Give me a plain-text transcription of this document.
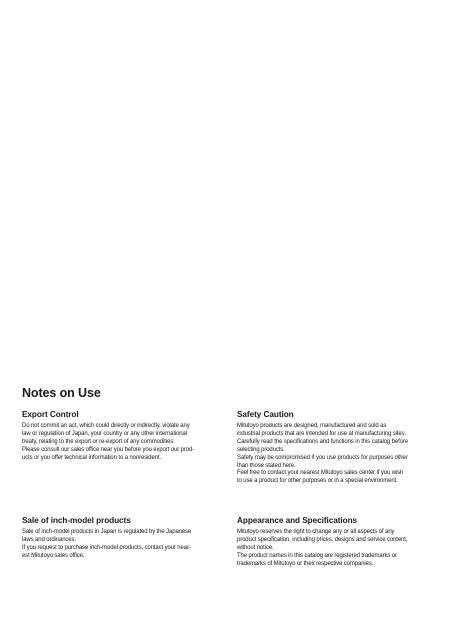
Notes on Use
Export Control
Do not commit an act, which could directly or indirectly, violate any
law or regulation of Japan, your country or any other international
treaty, relating to the export or re-export of any commodities.
Please consult our sales office near you before you export our prod-
ucts or you offer technical information to a nonresident.
Safety Caution
Mitutoyo products are designed, manufactured and sold as
industrial products that are intended for use at manufacturing sites.
Carefully read the specifications and functions in this catalog before
selecting products.
Safety may be compromised if you use products for purposes other
than those stated here.
Feel free to contact your nearest Mitutoyo sales center if you wish
to use a product for other purposes or in a special environment.
Sale of inch-model products
Sale of inch-model products in Japan is regulated by the Japanese
laws and ordinances.
If you request to purchase inch-model products, contact your near-
est Mitutoyo sales office.
Appearance and Specifications
Mitutoyo reserves the right to change any or all aspects of any
product specification, including prices, designs and service content,
without notice.
The product names in this catalog are registered trademarks or
trademarks of Mitutoyo or their respective companies.
